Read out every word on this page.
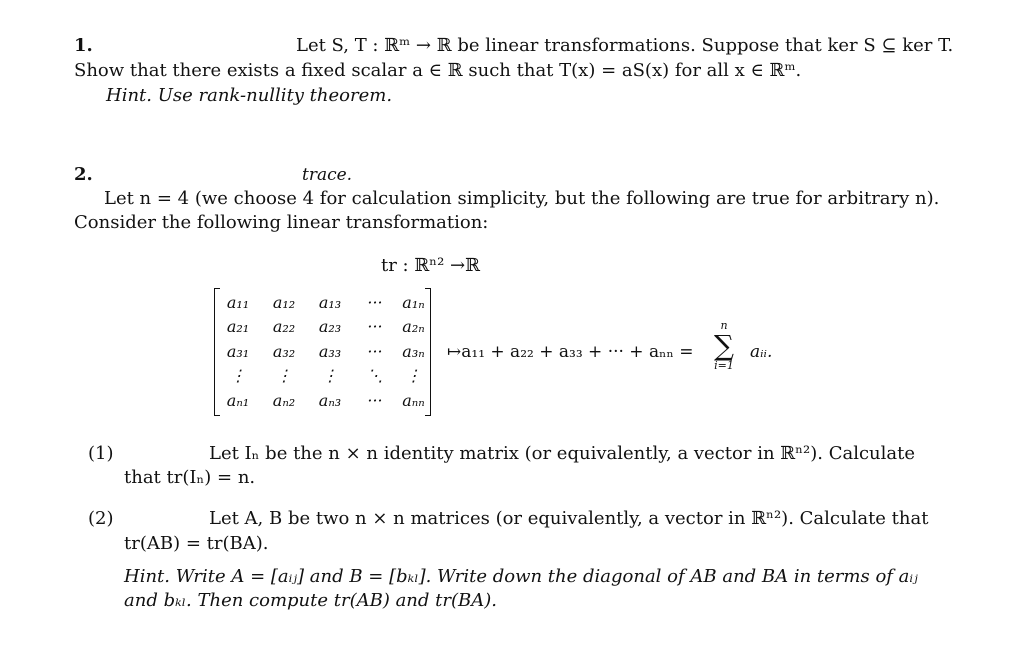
1.	Let S, T : ℝᵐ → ℝ be linear transformations. Suppose that ker S ⊆ ker T.
Show that there exists a fixed scalar a ∈ ℝ such that T(x) = aS(x) for all x ∈ ℝᵐ.
Hint. Use rank-nullity theorem.
2.	trace.
Let n = 4 (we choose 4 for calculation simplicity, but the following are true for arbitrary n).
Consider the following linear transformation:
tr : ℝⁿ² →ℝ
a₁₁	a₁₂	a₁₃	···	a₁ₙ
a₂₁	a₂₂	a₂₃	···	a₂ₙ
a₃₁	a₃₂	a₃₃	···	a₃ₙ
⋮	⋮	⋮	⋱	⋮
aₙ₁	aₙ₂	aₙ₃	···	aₙₙ
↦a₁₁ + a₂₂ + a₃₃ + ··· + aₙₙ =
n
∑
i=1
aᵢᵢ.
(1)	Let Iₙ be the n × n identity matrix (or equivalently, a vector in ℝⁿ²). Calculate
that tr(Iₙ) = n.
(2)	Let A, B be two n × n matrices (or equivalently, a vector in ℝⁿ²). Calculate that
tr(AB) = tr(BA).
Hint. Write A = [aᵢⱼ] and B = [bₖₗ]. Write down the diagonal of AB and BA in terms of aᵢⱼ
and bₖₗ. Then compute tr(AB) and tr(BA).
